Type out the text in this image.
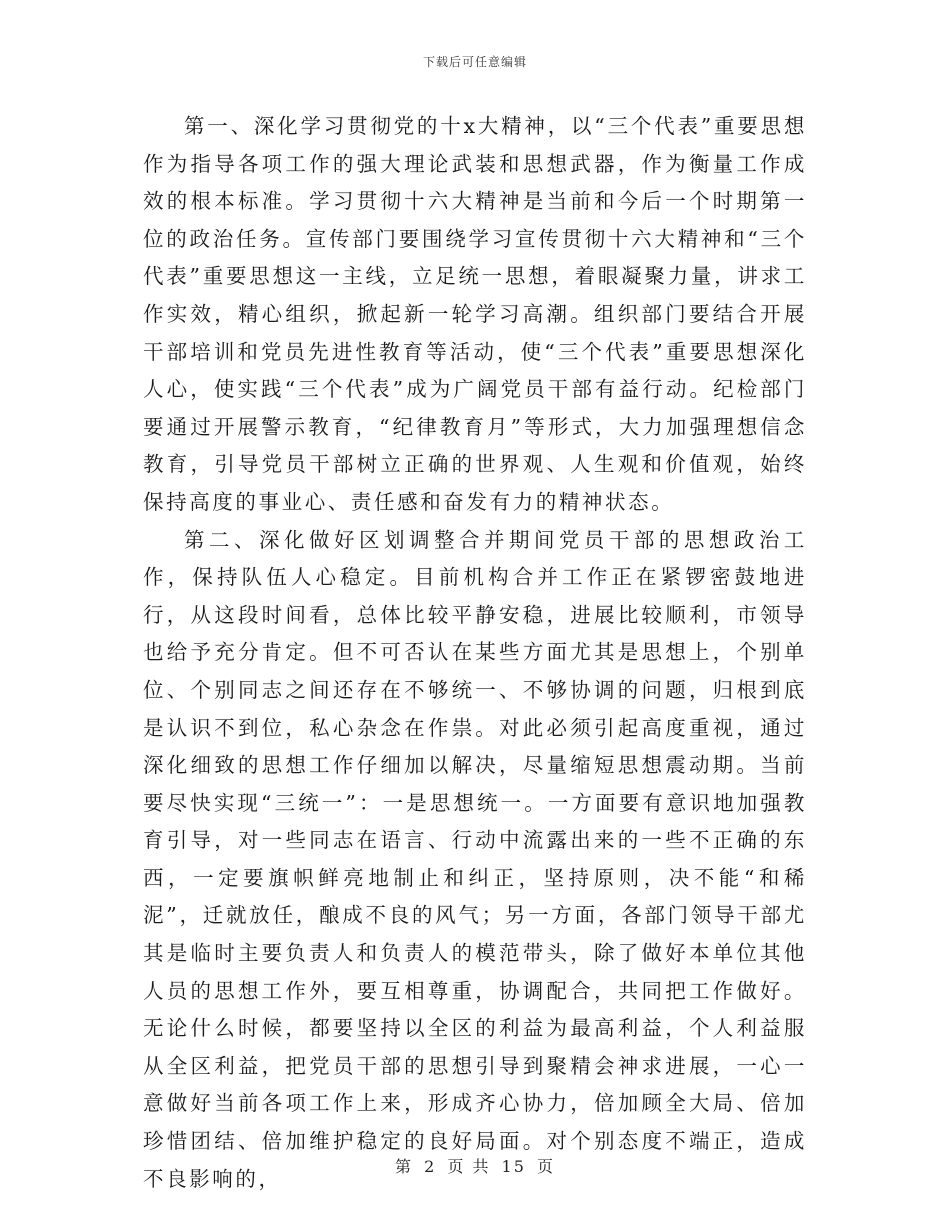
下载后可任意编辑

第一、深化学习贯彻党的十x大精神，以“三个代表”重要思想作为指导各项工作的强大理论武装和思想武器，作为衡量工作成效的根本标准。学习贯彻十六大精神是当前和今后一个时期第一位的政治任务。宣传部门要围绕学习宣传贯彻十六大精神和“三个代表”重要思想这一主线，立足统一思想，着眼凝聚力量，讲求工作实效，精心组织，掀起新一轮学习高潮。组织部门要结合开展干部培训和党员先进性教育等活动，使“三个代表”重要思想深化人心，使实践“三个代表”成为广阔党员干部有益行动。纪检部门要通过开展警示教育，“纪律教育月”等形式，大力加强理想信念教育，引导党员干部树立正确的世界观、人生观和价值观，始终保持高度的事业心、责任感和奋发有力的精神状态。

第二、深化做好区划调整合并期间党员干部的思想政治工作，保持队伍人心稳定。目前机构合并工作正在紧锣密鼓地进行，从这段时间看，总体比较平静安稳，进展比较顺利，市领导也给予充分肯定。但不可否认在某些方面尤其是思想上，个别单位、个别同志之间还存在不够统一、不够协调的问题，归根到底是认识不到位，私心杂念在作祟。对此必须引起高度重视，通过深化细致的思想工作仔细加以解决，尽量缩短思想震动期。当前要尽快实现“三统一”：一是思想统一。一方面要有意识地加强教育引导，对一些同志在语言、行动中流露出来的一些不正确的东西，一定要旗帜鲜亮地制止和纠正，坚持原则，决不能“和稀泥”，迁就放任，酿成不良的风气；另一方面，各部门领导干部尤其是临时主要负责人和负责人的模范带头，除了做好本单位其他人员的思想工作外，要互相尊重，协调配合，共同把工作做好。无论什么时候，都要坚持以全区的利益为最高利益，个人利益服从全区利益，把党员干部的思想引导到聚精会神求进展，一心一意做好当前各项工作上来，形成齐心协力，倍加顾全大局、倍加珍惜团结、倍加维护稳定的良好局面。对个别态度不端正，造成不良影响的，

第 2 页 共 15 页
